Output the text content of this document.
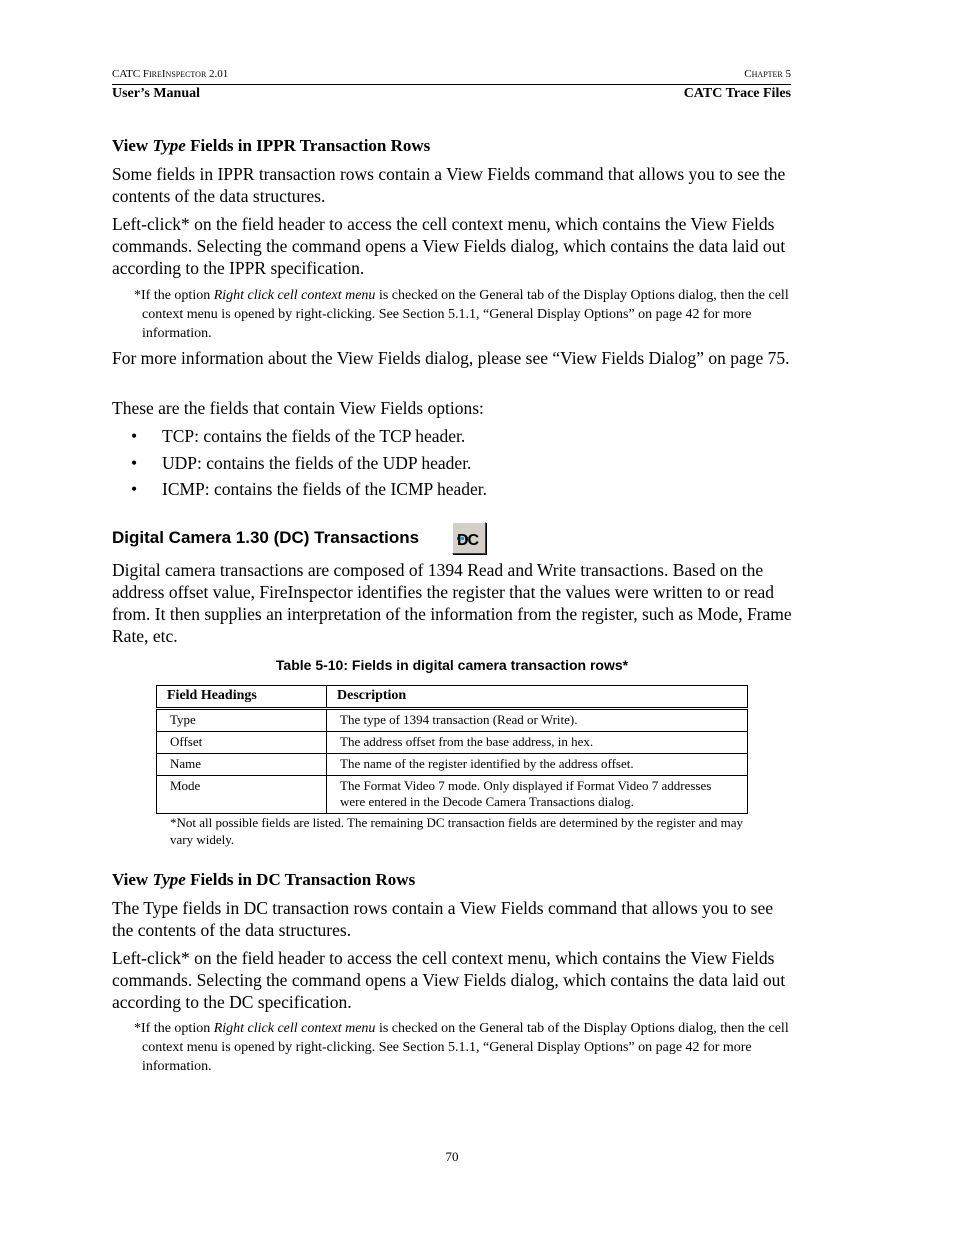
CATC FireInspector 2.01	Chapter 5
User’s Manual	CATC Trace Files
View Type Fields in IPPR Transaction Rows
Some fields in IPPR transaction rows contain a View Fields command that allows you to see the contents of the data structures.
Left-click* on the field header to access the cell context menu, which contains the View Fields commands. Selecting the command opens a View Fields dialog, which contains the data laid out according to the IPPR specification.
*If the option Right click cell context menu is checked on the General tab of the Display Options dialog, then the cell context menu is opened by right-clicking. See Section 5.1.1, “General Display Options” on page 42 for more information.
For more information about the View Fields dialog, please see “View Fields Dialog” on page 75.
These are the fields that contain View Fields options:
• TCP: contains the fields of the TCP header.
• UDP: contains the fields of the UDP header.
• ICMP: contains the fields of the ICMP header.
Digital Camera 1.30 (DC) Transactions DC
Digital camera transactions are composed of 1394 Read and Write transactions. Based on the address offset value, FireInspector identifies the register that the values were written to or read from. It then supplies an interpretation of the information from the register, such as Mode, Frame Rate, etc.
Table 5-10: Fields in digital camera transaction rows*
Field Headings	Description
Type	The type of 1394 transaction (Read or Write).
Offset	The address offset from the base address, in hex.
Name	The name of the register identified by the address offset.
Mode	The Format Video 7 mode. Only displayed if Format Video 7 addresses were entered in the Decode Camera Transactions dialog.
*Not all possible fields are listed. The remaining DC transaction fields are determined by the register and may vary widely.
View Type Fields in DC Transaction Rows
The Type fields in DC transaction rows contain a View Fields command that allows you to see the contents of the data structures.
Left-click* on the field header to access the cell context menu, which contains the View Fields commands. Selecting the command opens a View Fields dialog, which contains the data laid out according to the DC specification.
*If the option Right click cell context menu is checked on the General tab of the Display Options dialog, then the cell context menu is opened by right-clicking. See Section 5.1.1, “General Display Options” on page 42 for more information.
70
